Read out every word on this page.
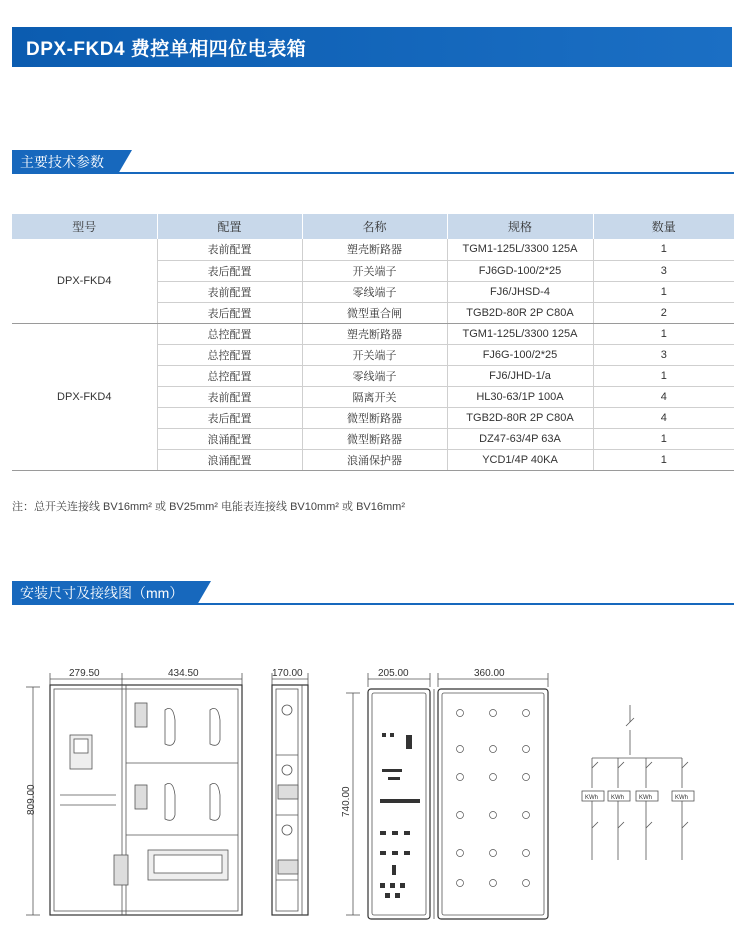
DPX-FKD4 费控单相四位电表箱
主要技术参数
型号	配置	名称	规格	数量
DPX-FKD4	表前配置	塑壳断路器	TGM1-125L/3300 125A	1
	表后配置	开关端子	FJ6GD-100/2*25	3
	表前配置	零线端子	FJ6/JHSD-4	1
	表后配置	微型重合闸	TGB2D-80R 2P C80A	2
DPX-FKD4	总控配置	塑壳断路器	TGM1-125L/3300 125A	1
	总控配置	开关端子	FJ6G-100/2*25	3
	总控配置	零线端子	FJ6/JHD-1/a	1
	表前配置	隔离开关	HL30-63/1P 100A	4
	表后配置	微型断路器	TGB2D-80R 2P C80A	4
	浪涌配置	微型断路器	DZ47-63/4P 63A	1
	浪涌配置	浪涌保护器	YCD1/4P 40KA	1
注：总开关连接线 BV16mm² 或 BV25mm² 电能表连接线 BV10mm² 或 BV16mm²
安装尺寸及接线图（mm）
279.50	434.50
809.00
170.00	205.00	360.00
740.00	KWh KWh KWh	KWh
